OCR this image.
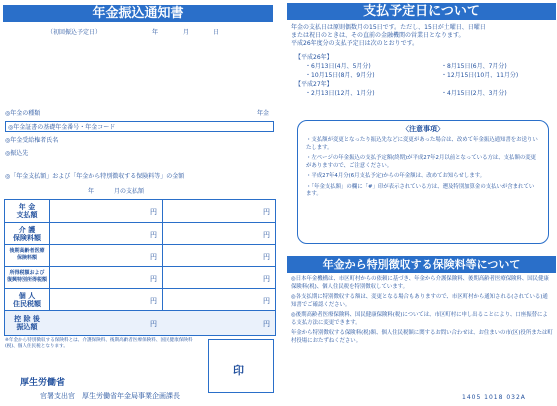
年金振込通知書
（初回振込予定日）	年	月	日
◎年金の種類	年金
◎年金証書の基礎年金番号・年金コード
◎年金受給権者氏名
◎振込先
◎「年金支払額」および「年金から特別徴収する保険料等」の金額
年	月の支払額
年 金
支払額	円	円
介 護
保険料額	円	円
後期高齢者医療
保険料額	円	円
所得税額および
復興特別所得税額	円	円
個 人
住民税額	円	円
控 除 後
振込額	円	円
※年金から特別徴収する保険料とは、介護保険料、後期高齢者医療保険料、国民健康保険料(税)、個人住民税となります。
印
厚生労働省
官署支出官　厚生労働省年金局事業企画課長
支払予定日について
年金の支払日は原則偶数月の15日です。ただし、15日が土曜日、日曜日
または祝日のときは、その直前の金融機関の営業日となります。
平成26年度分の支払予定日は次のとおりです。
【平成26年】
・6月13日(4月、5月分)	・8月15日(6月、7月分)
・10月15日(8月、9月分)	・12月15日(10月、11月分)
【平成27年】
・2月13日(12月、1月分)	・4月15日(2月、3月分)
〈注意事項〉
・支払額が変更となったり振込先などに変更があった場合は、改めて年金振込通知書をお送りいたします。
・左ページの年金振込の支払予定額(終期)が平成27年2月以前となっている方は、支払額の変更がありますので、ご注意ください。
・平成27年4月分(6月支払予定)からの年金額は、改めてお知らせします。
・「年金支払額」の欄に「#」印が表示されている方は、遡及特別加算金の支払いが含まれています。
年金から特別徴収する保険料等について
◎日本年金機構は、市区町村からの依頼に基づき、年金から介護保険料、後期高齢者医療保険料、国民健康保険料(税)、個人住民税を特別徴収しています。
◎各支払期に特別徴収する額は、変更となる場合もありますので、市区町村から通知される(されている)通知書でご確認ください。
◎後期高齢者医療保険料、国民健康保険料(税)については、市区町村に申し出ることにより、口座振替による支払方法に変更できます。
年金から特別徴収する保険料(税)額、個人住民税額に関するお問い合わせは、お住まいの市(区)役所または町村役場におたずねください。
1405 1018 032A
